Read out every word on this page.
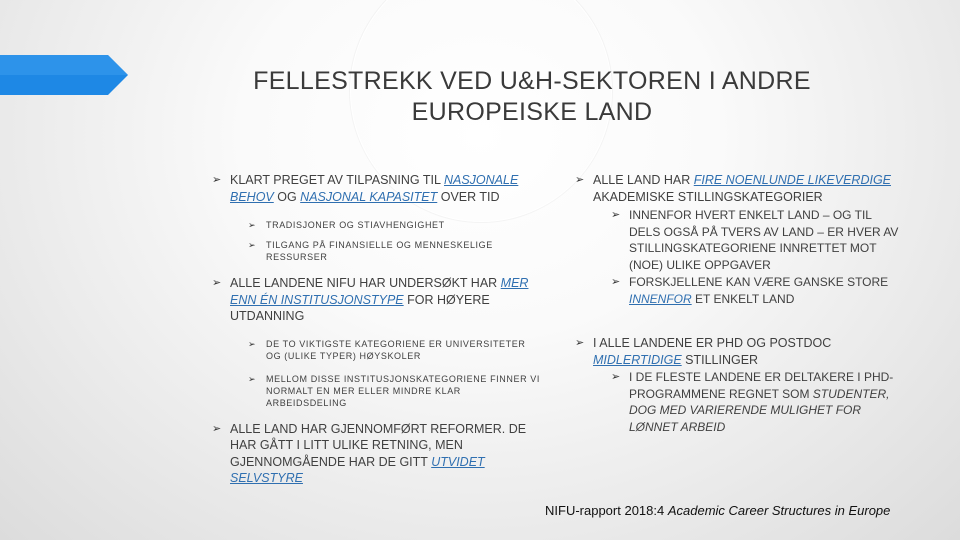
FELLESTREKK VED U&H-SEKTOREN I ANDRE
EUROPEISKE LAND
➢ KLART PREGET AV TILPASNING TIL NASJONALE BEHOV OG NASJONAL KAPASITET OVER TID
➢ TRADISJONER OG STIAVHENGIGHET
➢ TILGANG PÅ FINANSIELLE OG MENNESKELIGE RESSURSER
➢ ALLE LANDENE NIFU HAR UNDERSØKT HAR MER ENN ÉN INSTITUSJONSTYPE FOR HØYERE UTDANNING
➢ DE TO VIKTIGSTE KATEGORIENE ER UNIVERSITETER OG (ULIKE TYPER) HØYSKOLER
➢ MELLOM DISSE INSTITUSJONSKATEGORIENE FINNER VI NORMALT EN MER ELLER MINDRE KLAR ARBEIDSDELING
➢ ALLE LAND HAR GJENNOMFØRT REFORMER. DE HAR GÅTT I LITT ULIKE RETNING, MEN GJENNOMGÅENDE HAR DE GITT UTVIDET SELVSTYRE
➢ ALLE LAND HAR FIRE NOENLUNDE LIKEVERDIGE AKADEMISKE STILLINGSKATEGORIER
➢ INNENFOR HVERT ENKELT LAND – OG TIL DELS OGSÅ PÅ TVERS AV LAND – ER HVER AV STILLINGSKATEGORIENE INNRETTET MOT (NOE) ULIKE OPPGAVER
➢ FORSKJELLENE KAN VÆRE GANSKE STORE INNENFOR ET ENKELT LAND
➢ I ALLE LANDENE ER PHD OG POSTDOC MIDLERTIDIGE STILLINGER
➢ I DE FLESTE LANDENE ER DELTAKERE I PHD-PROGRAMMENE REGNET SOM STUDENTER, DOG MED VARIERENDE MULIGHET FOR LØNNET ARBEID
NIFU-rapport 2018:4 Academic Career Structures in Europe
